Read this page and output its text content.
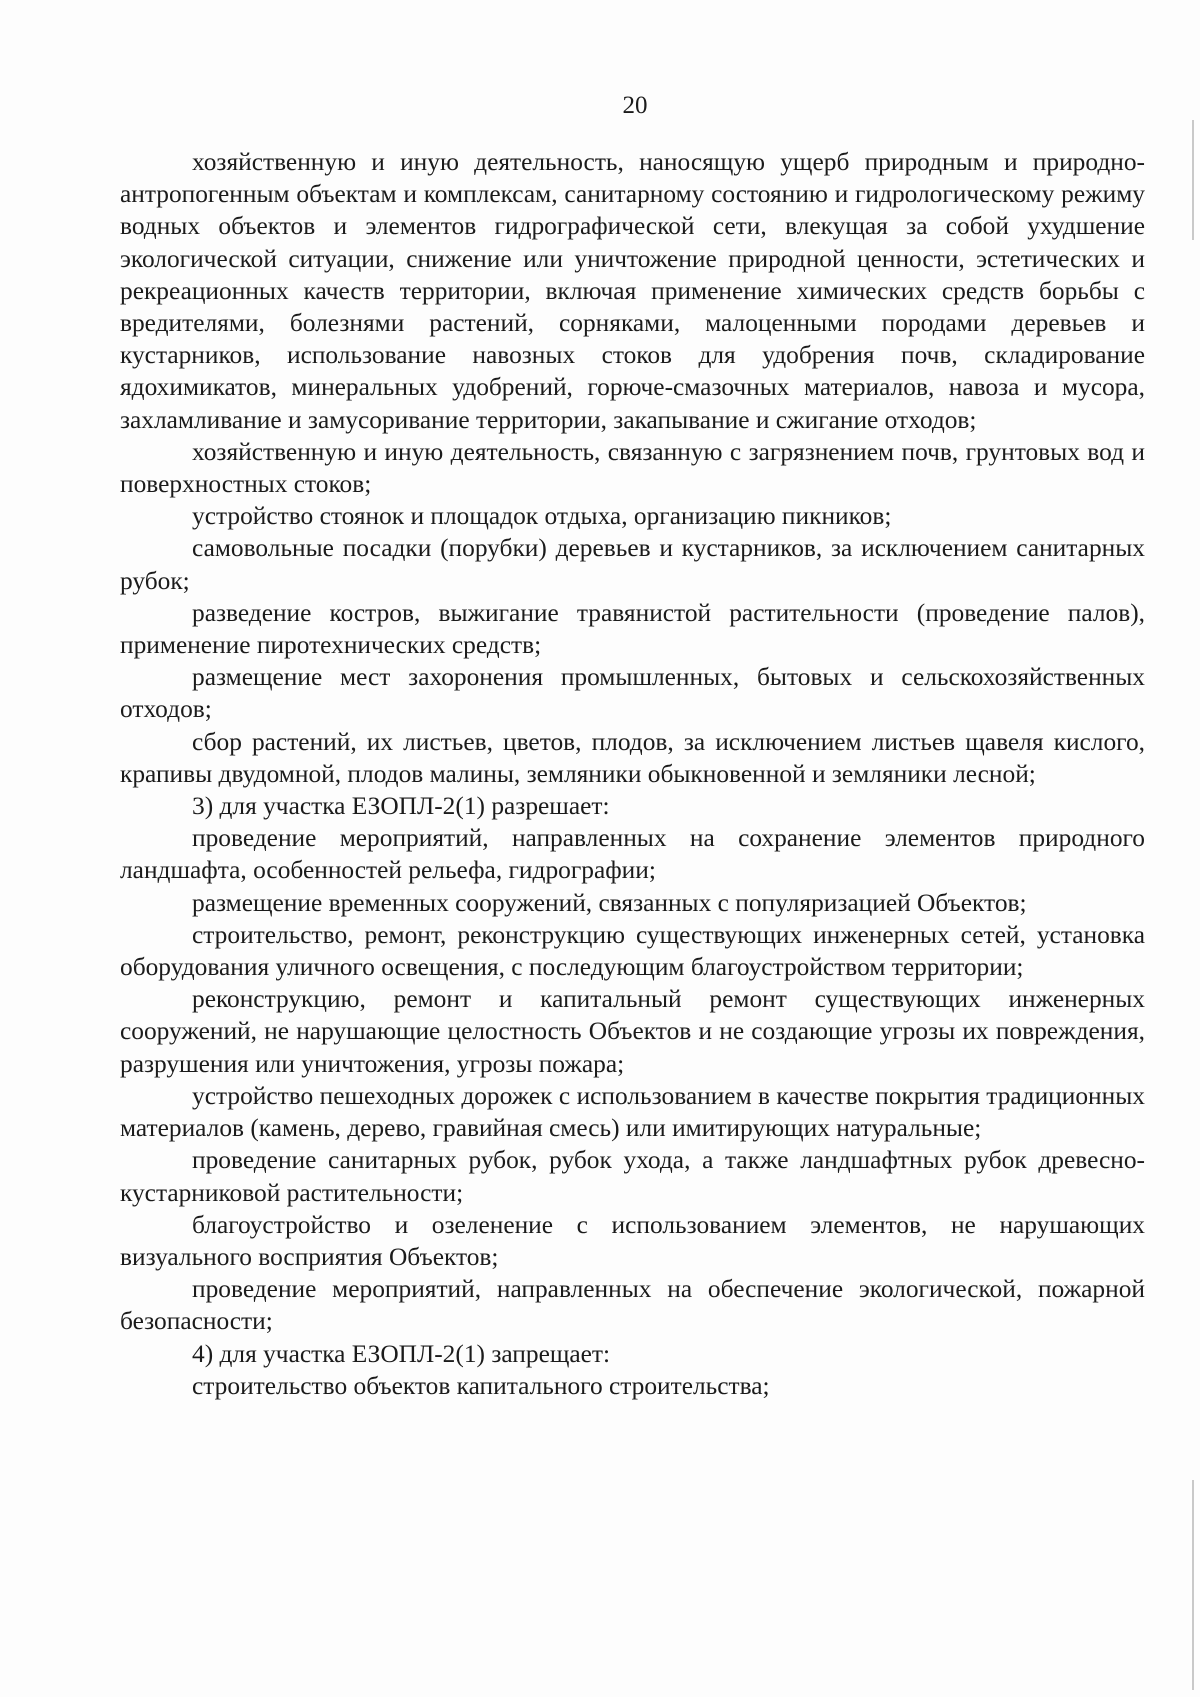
20

хозяйственную и иную деятельность, наносящую ущерб природным и природно-антропогенным объектам и комплексам, санитарному состоянию и гидрологическому режиму водных объектов и элементов гидрографической сети, влекущая за собой ухудшение экологической ситуации, снижение или уничтожение природной ценности, эстетических и рекреационных качеств территории, включая применение химических средств борьбы с вредителями, болезнями растений, сорняками, малоценными породами деревьев и кустарников, использование навозных стоков для удобрения почв, складирование ядохимикатов, минеральных удобрений, горюче-смазочных материалов, навоза и мусора, захламливание и замусоривание территории, закапывание и сжигание отходов;

хозяйственную и иную деятельность, связанную с загрязнением почв, грунтовых вод и поверхностных стоков;

устройство стоянок и площадок отдыха, организацию пикников;

самовольные посадки (порубки) деревьев и кустарников, за исключением санитарных рубок;

разведение костров, выжигание травянистой растительности (проведение палов), применение пиротехнических средств;

размещение мест захоронения промышленных, бытовых и сельскохозяйственных отходов;

сбор растений, их листьев, цветов, плодов, за исключением листьев щавеля кислого, крапивы двудомной, плодов малины, земляники обыкновенной и земляники лесной;

3) для участка ЕЗОПЛ-2(1) разрешает:

проведение мероприятий, направленных на сохранение элементов природного ландшафта, особенностей рельефа, гидрографии;

размещение временных сооружений, связанных с популяризацией Объектов;

строительство, ремонт, реконструкцию существующих инженерных сетей, установка оборудования уличного освещения, с последующим благоустройством территории;

реконструкцию, ремонт и капитальный ремонт существующих инженерных сооружений, не нарушающие целостность Объектов и не создающие угрозы их повреждения, разрушения или уничтожения, угрозы пожара;

устройство пешеходных дорожек с использованием в качестве покрытия традиционных материалов (камень, дерево, гравийная смесь) или имитирующих натуральные;

проведение санитарных рубок, рубок ухода, а также ландшафтных рубок древесно-кустарниковой растительности;

благоустройство и озеленение с использованием элементов, не нарушающих визуального восприятия Объектов;

проведение мероприятий, направленных на обеспечение экологической, пожарной безопасности;

4) для участка ЕЗОПЛ-2(1) запрещает:

строительство объектов капитального строительства;
